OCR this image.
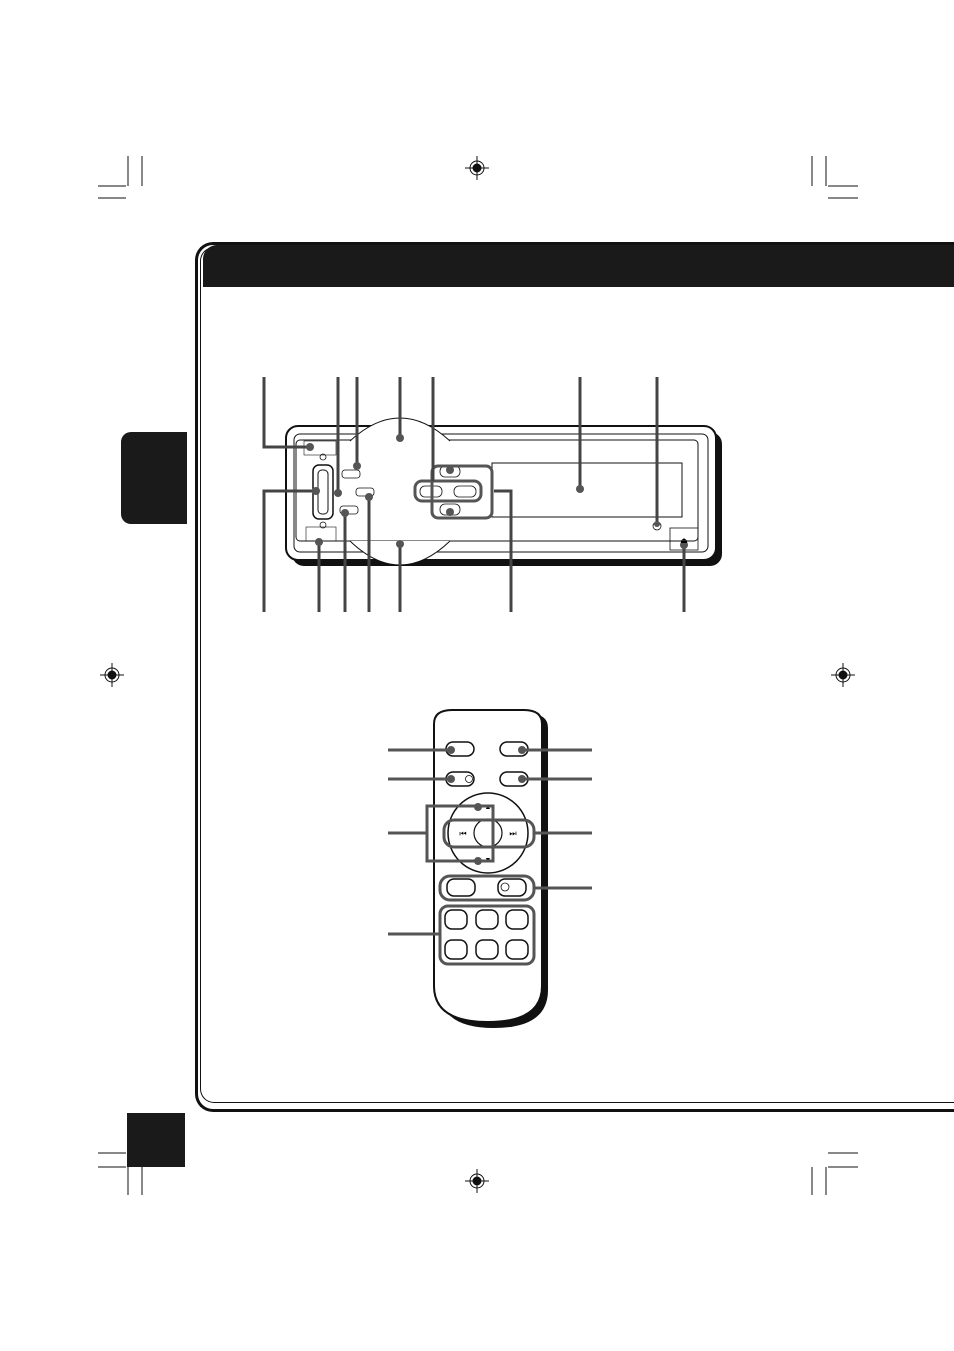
⏏
▲
▼
⏮	⏭
